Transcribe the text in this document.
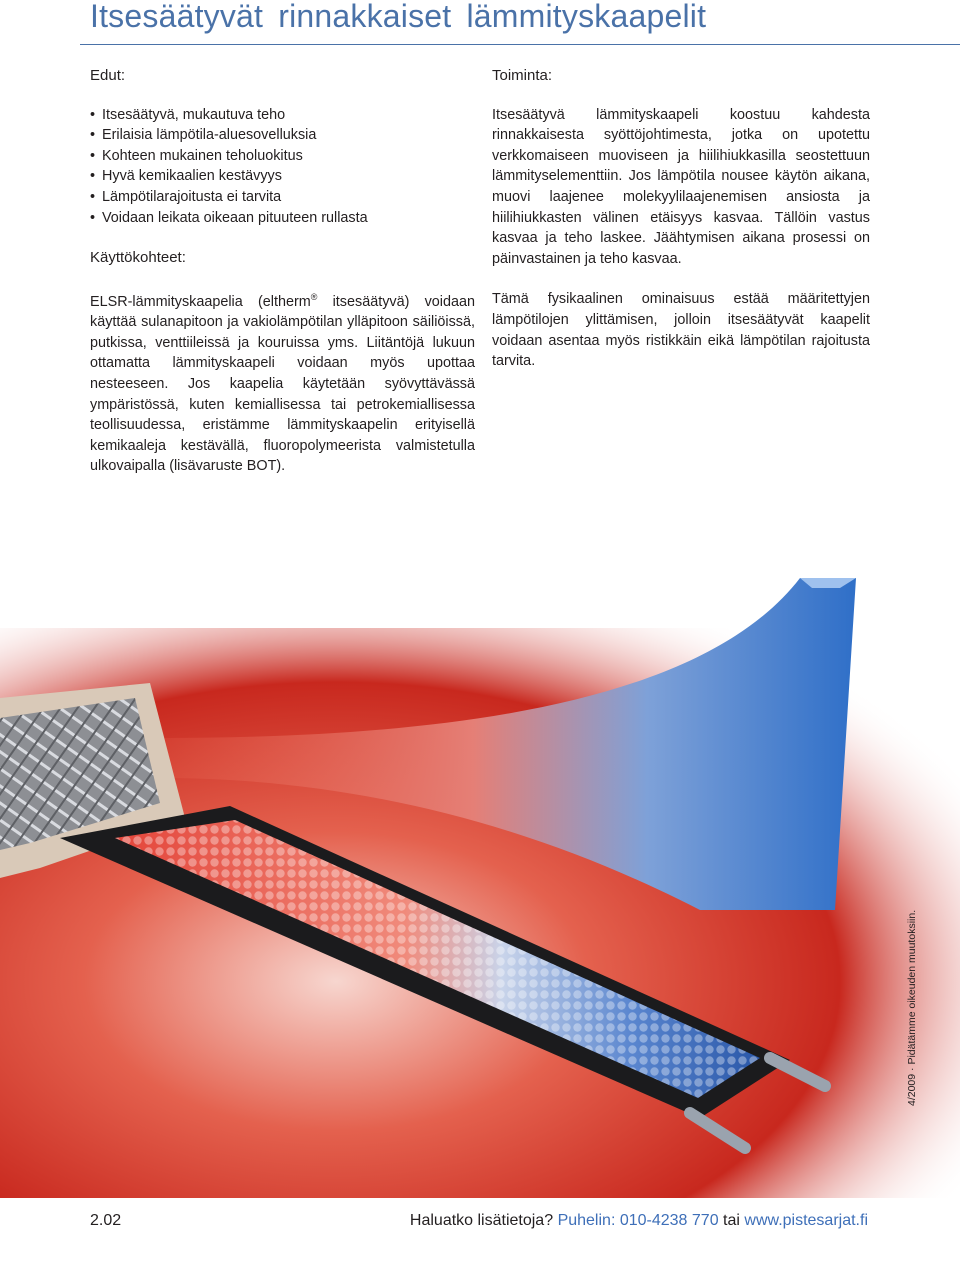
Itsesäätyvät rinnakkaiset lämmityskaapelit

Edut:

• Itsesäätyvä, mukautuva teho
• Erilaisia lämpötila-aluesovelluksia
• Kohteen mukainen teholuokitus
• Hyvä kemikaalien kestävyys
• Lämpötilarajoitusta ei tarvita
• Voidaan leikata oikeaan pituuteen rullasta

Käyttökohteet:

ELSR-lämmityskaapelia (eltherm® itsesäätyvä) voidaan käyttää sulanapitoon ja vakiolämpötilan ylläpitoon säiliöissä, putkissa, venttiileissä ja kouruissa yms. Liitäntöjä lukuun ottamatta lämmityskaapeli voidaan myös upottaa nesteeseen. Jos kaapelia käytetään syövyttävässä ympäristössä, kuten kemiallisessa tai petrokemiallisessa teollisuudessa, eristämme lämmityskaapelin erityisellä kemikaaleja kestävällä, fluoropolymeerista valmistetulla ulkovaipalla (lisävaruste BOT).

Toiminta:

Itsesäätyvä lämmityskaapeli koostuu kahdesta rinnakkaisesta syöttöjohtimesta, jotka on upotettu verkkomaiseen muoviseen ja hiilihiukkasilla seostettuun lämmityselementtiin. Jos lämpötila nousee käytön aikana, muovi laajenee molekyylilaajenemisen ansiosta ja hiilihiukkasten välinen etäisyys kasvaa. Tällöin vastus kasvaa ja teho laskee. Jäähtymisen aikana prosessi on päinvastainen ja teho kasvaa.

Tämä fysikaalinen ominaisuus estää määritettyjen lämpötilojen ylittämisen, jolloin itsesäätyvät kaapelit voidaan asentaa myös ristikkäin eikä lämpötilan rajoitusta tarvita.

4/2009 · Pidätämme oikeuden muutoksiin.
2.02	Haluatko lisätietoja? Puhelin: 010-4238 770 tai www.pistesarjat.fi
